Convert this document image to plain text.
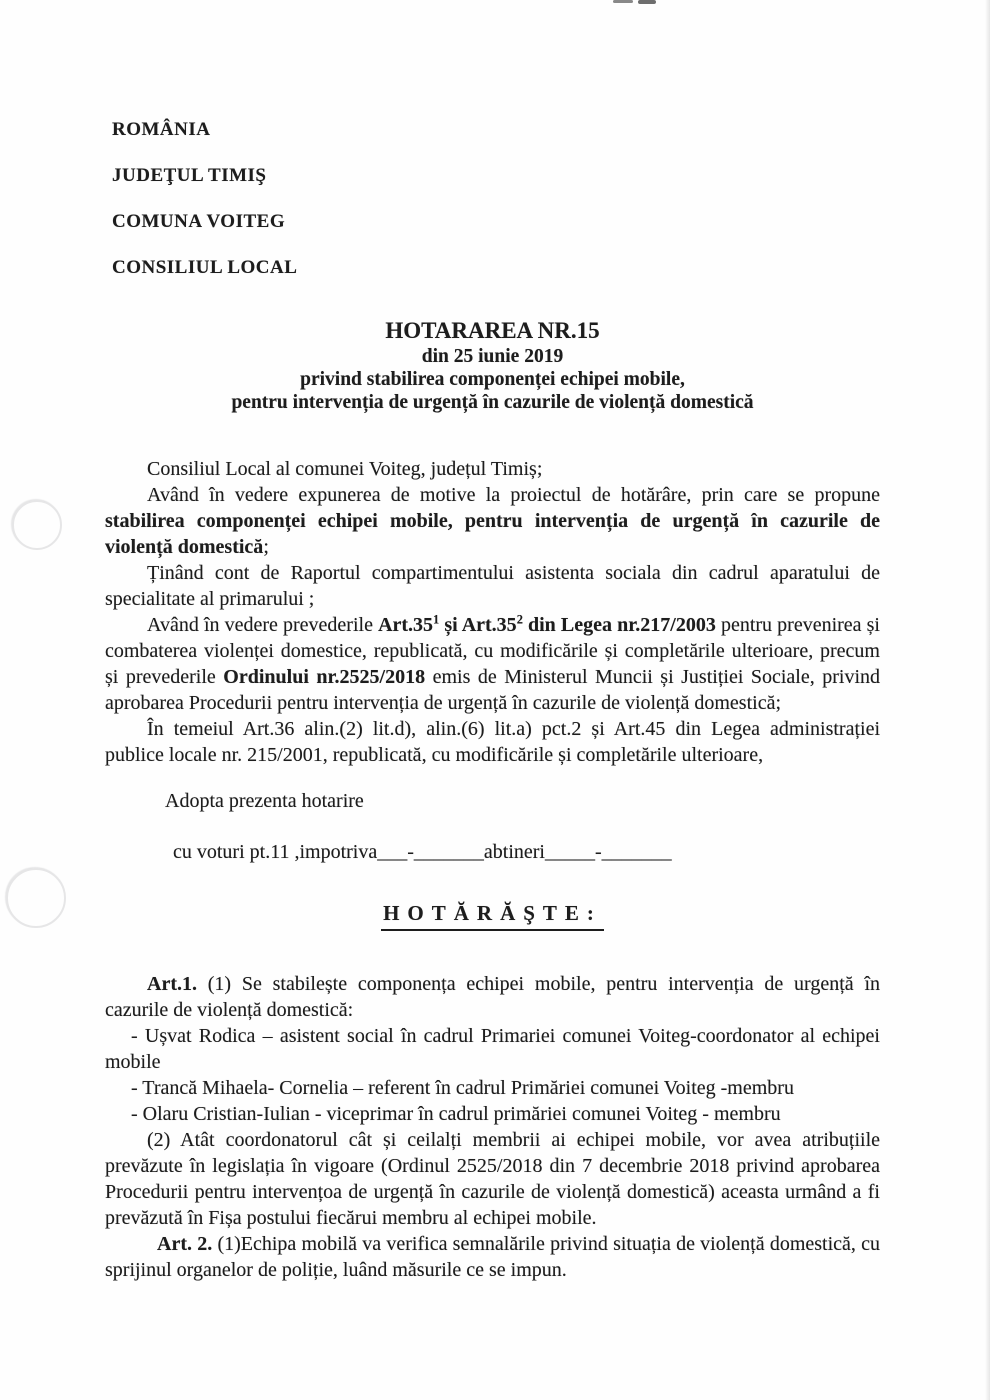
ROMÂNIA
JUDEŢUL TIMIŞ
COMUNA VOITEG
CONSILIUL LOCAL

HOTARAREA NR.15

din 25 iunie 2019

privind stabilirea componenței echipei mobile,

pentru intervenția de urgență în cazurile de violență domestică

Consiliul Local al comunei Voiteg, județul Timiș;

Având în vedere expunerea de motive la proiectul de hotărâre, prin care se propune stabilirea componenței echipei mobile, pentru intervenția de urgență în cazurile de violență domestică;

Ținând cont de Raportul compartimentului asistenta sociala din cadrul aparatului de specialitate al primarului ;

Având în vedere prevederile $Art.35^1$ și $Art.35^2$ din Legea nr.217/2003 pentru prevenirea și combaterea violenței domestice, republicată, cu modificările și completările ulterioare, precum și prevederile Ordinului nr.2525/2018 emis de Ministerul Muncii și Justiției Sociale, privind aprobarea Procedurii pentru intervenția de urgență în cazurile de violență domestică;

În temeiul Art.36 alin.(2) lit.d), alin.(6) lit.a) pct.2 și Art.45 din Legea administrației publice locale nr. 215/2001, republicată, cu modificările și completările ulterioare,

Adopta prezenta hotarire

cu voturi pt.11 ,impotriva___-_______abtineri_____-_______

HOTĂRĂŞTE:

Art.1. (1) Se stabilește componența echipei mobile, pentru intervenția de urgență în cazurile de violență domestică:

- Ușvat Rodica – asistent social în cadrul Primariei comunei Voiteg-coordonator al echipei mobile

- Trancă Mihaela- Cornelia – referent în cadrul Primăriei comunei Voiteg -membru

- Olaru Cristian-Iulian - viceprimar în cadrul primăriei comunei Voiteg - membru

(2) Atât coordonatorul cât și ceilalți membrii ai echipei mobile, vor avea atribuțiile prevăzute în legislația în vigoare (Ordinul 2525/2018 din 7 decembrie 2018 privind aprobarea Procedurii pentru intervențoa de urgență în cazurile de violență domestică) aceasta urmând a fi prevăzută în Fișa postului fiecărui membru al echipei mobile.

Art. 2. (1)Echipa mobilă va verifica semnalările privind situația de violență domestică, cu sprijinul organelor de poliție, luând măsurile ce se impun.
